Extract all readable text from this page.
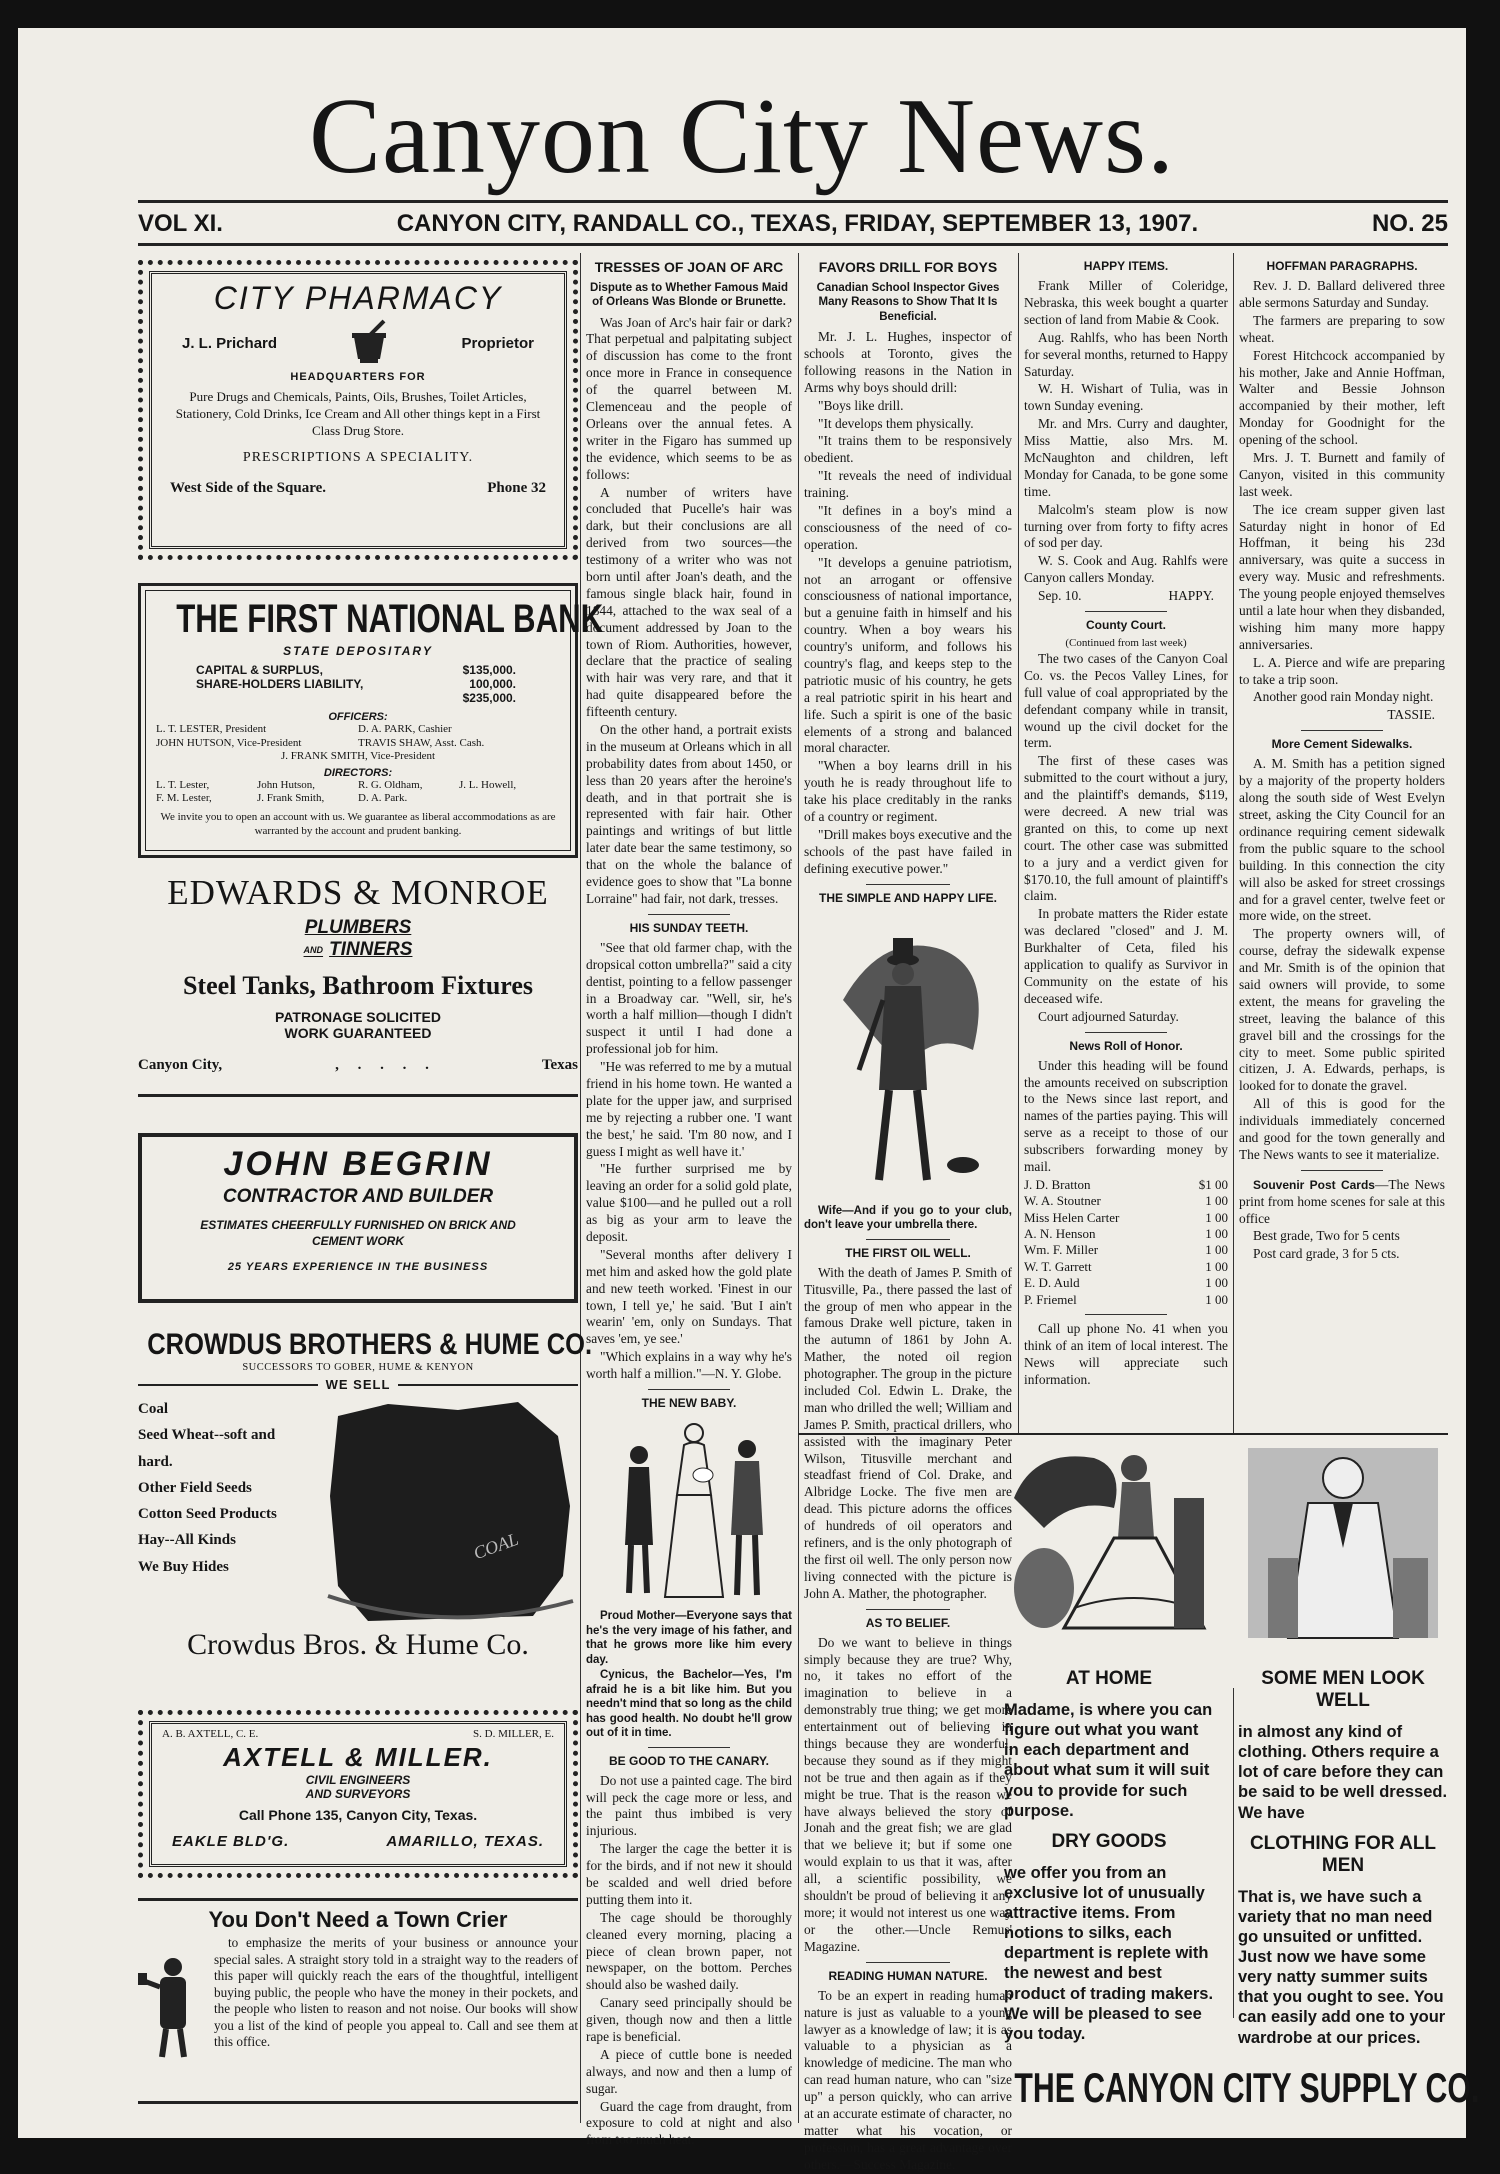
Canyon City News.
VOL XI.	CANYON CITY, RANDALL CO., TEXAS, FRIDAY, SEPTEMBER 13, 1907.	NO. 25
CITY PHARMACY
J. L. Prichard	Proprietor
HEADQUARTERS FOR
Pure Drugs and Chemicals, Paints, Oils, Brushes, Toilet Articles, Stationery, Cold Drinks, Ice Cream and All other things kept in a First Class Drug Store.
PRESCRIPTIONS A SPECIALITY.
West Side of the Square.	Phone 32
THE FIRST NATIONAL BANK
STATE DEPOSITARY
CAPITAL & SURPLUS,	$135,000.
SHARE-HOLDERS LIABILITY,	100,000.
$235,000.
OFFICERS:
L. T. LESTER, President	D. A. PARK, Cashier
JOHN HUTSON, Vice-President	TRAVIS SHAW, Asst. Cash.
J. FRANK SMITH, Vice-President
DIRECTORS:
L. T. Lester,	John Hutson,	R. G. Oldham,	J. L. Howell,
F. M. Lester,	J. Frank Smith,	D. A. Park.
We invite you to open an account with us. We guarantee as liberal accommodations as are warranted by the account and prudent banking.
EDWARDS & MONROE
PLUMBERS
AND TINNERS
Steel Tanks, Bathroom Fixtures
PATRONAGE SOLICITED
WORK GUARANTEED
Canyon City,	,     .     .     .     .	Texas
JOHN BEGRIN
CONTRACTOR AND BUILDER
ESTIMATES CHEERFULLY FURNISHED ON BRICK AND CEMENT WORK
25 YEARS EXPERIENCE IN THE BUSINESS
CROWDUS BROTHERS & HUME CO.
SUCCESSORS TO GOBER, HUME & KENYON
WE SELL
Coal
Seed Wheat--soft and hard.
Other Field Seeds
Cotton Seed Products
Hay--All Kinds
We Buy Hides
COAL
Crowdus Bros. & Hume Co.
A. B. AXTELL, C. E.	S. D. MILLER, E.
AXTELL & MILLER.
CIVIL ENGINEERS
AND SURVEYORS
Call Phone 135, Canyon City, Texas.
EAKLE BLD'G.	AMARILLO, TEXAS.
You Don't Need a Town Crier
to emphasize the merits of your business or announce your special sales. A straight story told in a straight way to the readers of this paper will quickly reach the ears of the thoughtful, intelligent buying public, the people who have the money in their pockets, and the people who listen to reason and not noise. Our books will show you a list of the kind of people you appeal to. Call and see them at this office.
TRESSES OF JOAN OF ARC
Dispute as to Whether Famous Maid of Orleans Was Blonde or Brunette.

Was Joan of Arc's hair fair or dark? That perpetual and palpitating subject of discussion has come to the front once more in France in consequence of the quarrel between M. Clemenceau and the people of Orleans over the annual fetes. A writer in the Figaro has summed up the evidence, which seems to be as follows:

A number of writers have concluded that Pucelle's hair was dark, but their conclusions are all derived from two sources—the testimony of a writer who was not born until after Joan's death, and the famous single black hair, found in 1844, attached to the wax seal of a document addressed by Joan to the town of Riom. Authorities, however, declare that the practice of sealing with hair was very rare, and that it had quite disappeared before the fifteenth century.

On the other hand, a portrait exists in the museum at Orleans which in all probability dates from about 1450, or less than 20 years after the heroine's death, and in that portrait she is represented with fair hair. Other paintings and writings of but little later date bear the same testimony, so that on the whole the balance of evidence goes to show that "La bonne Lorraine" had fair, not dark, tresses.

HIS SUNDAY TEETH.

"See that old farmer chap, with the dropsical cotton umbrella?" said a city dentist, pointing to a fellow passenger in a Broadway car. "Well, sir, he's worth a half million—though I didn't suspect it until I had done a professional job for him.

"He was referred to me by a mutual friend in his home town. He wanted a plate for the upper jaw, and surprised me by rejecting a rubber one. 'I want the best,' he said. 'I'm 80 now, and I guess I might as well have it.'

"He further surprised me by leaving an order for a solid gold plate, value $100—and he pulled out a roll as big as your arm to leave the deposit.

"Several months after delivery I met him and asked how the gold plate and new teeth worked. 'Finest in our town, I tell ye,' he said. 'But I ain't wearin' 'em, only on Sundays. That saves 'em, ye see.'

"Which explains in a way why he's worth half a million."—N. Y. Globe.

THE NEW BABY.

Proud Mother—Everyone says that he's the very image of his father, and that he grows more like him every day.

Cynicus, the Bachelor—Yes, I'm afraid he is a bit like him. But you needn't mind that so long as the child has good health. No doubt he'll grow out of it in time.

BE GOOD TO THE CANARY.

Do not use a painted cage. The bird will peck the cage more or less, and the paint thus imbibed is very injurious.

The larger the cage the better it is for the birds, and if not new it should be scalded and well dried before putting them into it.

The cage should be thoroughly cleaned every morning, placing a piece of clean brown paper, not newspaper, on the bottom. Perches should also be washed daily.

Canary seed principally should be given, though now and then a little rape is beneficial.

A piece of cuttle bone is needed always, and now and then a lump of sugar.

Guard the cage from draught, from exposure to cold at night and also from too much heat.

FAVORS DRILL FOR BOYS
Canadian School Inspector Gives Many Reasons to Show That It Is Beneficial.

Mr. J. L. Hughes, inspector of schools at Toronto, gives the following reasons in the Nation in Arms why boys should drill:

"Boys like drill.

"It develops them physically.

"It trains them to be responsively obedient.

"It reveals the need of individual training.

"It defines in a boy's mind a consciousness of the need of co-operation.

"It develops a genuine patriotism, not an arrogant or offensive consciousness of national importance, but a genuine faith in himself and his country. When a boy wears his country's uniform, and follows his country's flag, and keeps step to the patriotic music of his country, he gets a real patriotic spirit in his heart and life. Such a spirit is one of the basic elements of a strong and balanced moral character.

"When a boy learns drill in his youth he is ready throughout life to take his place creditably in the ranks of a country or regiment.

"Drill makes boys executive and the schools of the past have failed in defining executive power."

THE SIMPLE AND HAPPY LIFE.

Wife—And if you go to your club, don't leave your umbrella there.

THE FIRST OIL WELL.

With the death of James P. Smith of Titusville, Pa., there passed the last of the group of men who appear in the famous Drake well picture, taken in the autumn of 1861 by John A. Mather, the noted oil region photographer. The group in the picture included Col. Edwin L. Drake, the man who drilled the well; William and James P. Smith, practical drillers, who assisted with the imaginary Peter Wilson, Titusville merchant and steadfast friend of Col. Drake, and Albridge Locke. The five men are dead. This picture adorns the offices of hundreds of oil operators and refiners, and is the only photograph of the first oil well. The only person now living connected with the picture is John A. Mather, the photographer.

AS TO BELIEF.

Do we want to believe in things simply because they are true? Why, no, it takes no effort of the imagination to believe in a demonstrably true thing; we get more entertainment out of believing in things because they are wonderful, because they sound as if they might not be true and then again as if they might be true. That is the reason we have always believed the story of Jonah and the great fish; we are glad that we believe it; but if some one would explain to us that it was, after all, a scientific possibility, we shouldn't be proud of believing it any more; it would not interest us one way or the other.—Uncle Remus' Magazine.

READING HUMAN NATURE.

To be an expert in reading human nature is just as valuable to a young lawyer as a knowledge of law; it is as valuable to a physician as a knowledge of medicine. The man who can read human nature, who can "size up" a person quickly, who can arrive at an accurate estimate of character, no matter what his vocation, or profession, has a great advantage over others.—Success Magazine.

HAPPY ITEMS.

Frank Miller of Coleridge, Nebraska, this week bought a quarter section of land from Mabie & Cook.

Aug. Rahlfs, who has been North for several months, returned to Happy Saturday.

W. H. Wishart of Tulia, was in town Sunday evening.

Mr. and Mrs. Curry and daughter, Miss Mattie, also Mrs. M. McNaughton and children, left Monday for Canada, to be gone some time.

Malcolm's steam plow is now turning over from forty to fifty acres of sod per day.

W. S. Cook and Aug. Rahlfs were Canyon callers Monday.

Sep. 10.	HAPPY.
County Court.
(Continued from last week)

The two cases of the Canyon Coal Co. vs. the Pecos Valley Lines, for full value of coal appropriated by the defendant company while in transit, wound up the civil docket for the term.

The first of these cases was submitted to the court without a jury, and the plaintiff's demands, $119, were decreed. A new trial was granted on this, to come up next court. The other case was submitted to a jury and a verdict given for $170.10, the full amount of plaintiff's claim.

In probate matters the Rider estate was declared "closed" and J. M. Burkhalter of Ceta, filed his application to qualify as Survivor in Community on the estate of his deceased wife.

Court adjourned Saturday.

News Roll of Honor.

Under this heading will be found the amounts received on subscription to the News since last report, and names of the parties paying. This will serve as a receipt to those of our subscribers forwarding money by mail.

J. D. Bratton	$1 00
W. A. Stoutner	1 00
Miss Helen Carter	1 00
A. N. Henson	1 00
Wm. F. Miller	1 00
W. T. Garrett	1 00
E. D. Auld	1 00
P. Friemel	1 00

Call up phone No. 41 when you think of an item of local interest. The News will appreciate such information.

HOFFMAN PARAGRAPHS.

Rev. J. D. Ballard delivered three able sermons Saturday and Sunday.

The farmers are preparing to sow wheat.

Forest Hitchcock accompanied by his mother, Jake and Annie Hoffman, Walter and Bessie Johnson accompanied by their mother, left Monday for Goodnight for the opening of the school.

Mrs. J. T. Burnett and family of Canyon, visited in this community last week.

The ice cream supper given last Saturday night in honor of Ed Hoffman, it being his 23d anniversary, was quite a success in every way. Music and refreshments. The young people enjoyed themselves until a late hour when they disbanded, wishing him many more happy anniversaries.

L. A. Pierce and wife are preparing to take a trip soon.

Another good rain Monday night.

TASSIE.
More Cement Sidewalks.

A. M. Smith has a petition signed by a majority of the property holders along the south side of West Evelyn street, asking the City Council for an ordinance requiring cement sidewalk from the public square to the school building. In this connection the city will also be asked for street crossings and for a gravel center, twelve feet or more wide, on the street.

The property owners will, of course, defray the sidewalk expense and Mr. Smith is of the opinion that said owners will provide, to some extent, the means for graveling the street, leaving the balance of this gravel bill and the crossings for the city to meet. Some public spirited citizen, J. A. Edwards, perhaps, is looked for to donate the gravel.

All of this is good for the individuals immediately concerned and good for the town generally and The News wants to see it materialize.

Souvenir Post Cards—The News print from home scenes for sale at this office

Best grade, Two for 5 cents

Post card grade, 3 for 5 cts.

AT HOME

Madame, is where you can figure out what you want in each department and about what sum it will suit you to provide for such purpose.

DRY GOODS

we offer you from an exclusive lot of unusually attractive items. From notions to silks, each department is replete with the newest and best product of trading makers. We will be pleased to see you today.

SOME MEN LOOK WELL

in almost any kind of clothing. Others require a lot of care before they can be said to be well dressed. We have

CLOTHING FOR ALL MEN

That is, we have such a variety that no man need go unsuited or unfitted. Just now we have some very natty summer suits that you ought to see. You can easily add one to your wardrobe at our prices.

THE CANYON CITY SUPPLY CO.
